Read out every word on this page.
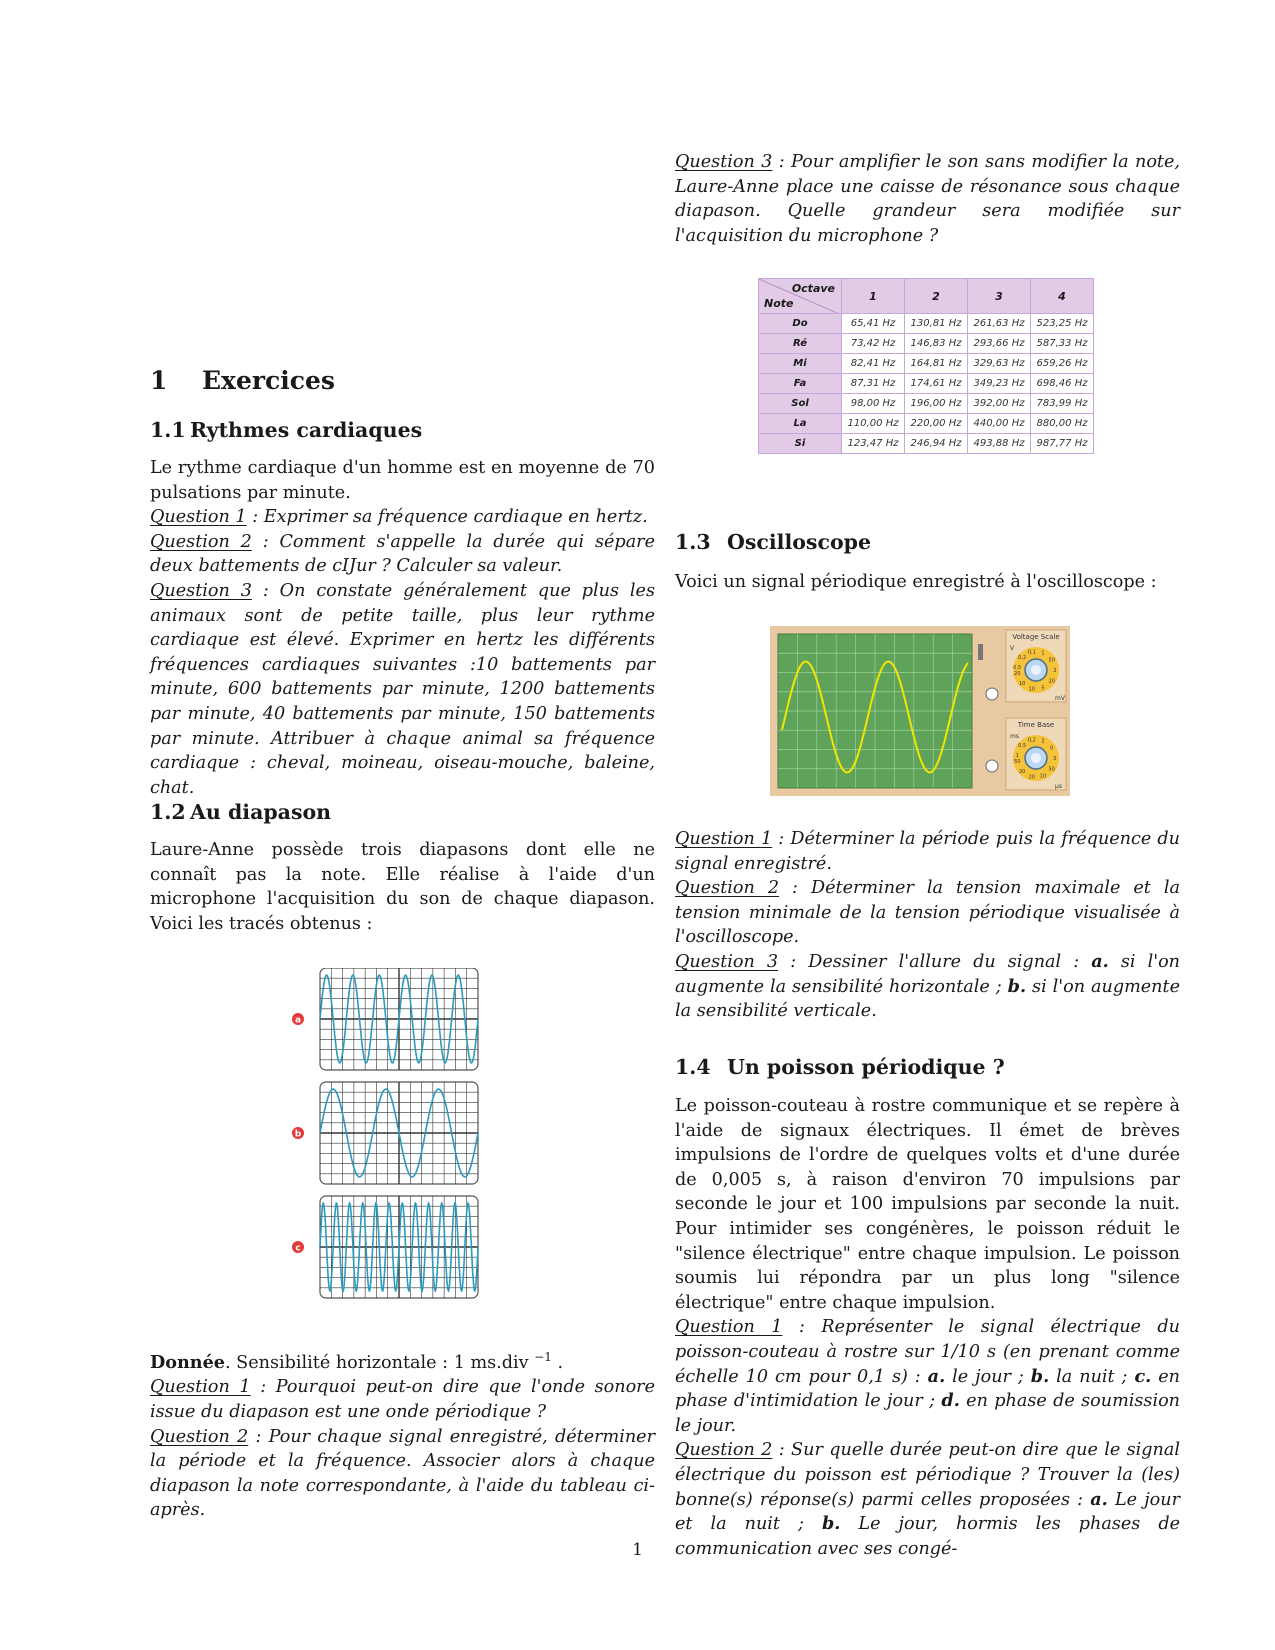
1 Exercices
1.1 Rythmes cardiaques

Le rythme cardiaque d'un homme est en moyenne de 70 pulsations par minute.

Question 1 : Exprimer sa fréquence cardiaque en hertz.

Question 2 : Comment s'appelle la durée qui sépare deux battements de cIJur ? Calculer sa valeur.

Question 3 : On constate généralement que plus les animaux sont de petite taille, plus leur rythme cardiaque est élevé. Exprimer en hertz les différents fréquences cardiaques suivantes :10 battements par minute, 600 battements par minute, 1200 battements par minute, 40 battements par minute, 150 battements par minute. Attribuer à chaque animal sa fréquence cardiaque : cheval, moineau, oiseau-mouche, baleine, chat.

1.2 Au diapason

Laure-Anne possède trois diapasons dont elle ne connaît pas la note. Elle réalise à l'aide d'un microphone l'acquisition du son de chaque diapason. Voici les tracés obtenus :

a
b
c

Donnée. Sensibilité horizontale : 1 ms.div $^{-1}$ .

Question 1 : Pourquoi peut-on dire que l'onde sonore issue du diapason est une onde périodique ?

Question 2 : Pour chaque signal enregistré, déterminer la période et la fréquence. Associer alors à chaque diapason la note correspondante, à l'aide du tableau ci-après.

Question 3 : Pour amplifier le son sans modifier la note, Laure-Anne place une caisse de résonance sous chaque diapason. Quelle grandeur sera modifiée sur l'acquisition du microphone ?

1.3 Oscilloscope

Voici un signal périodique enregistré à l'oscilloscope :

Question 1 : Déterminer la période puis la fréquence du signal enregistré.

Question 2 : Déterminer la tension maximale et la tension minimale de la tension périodique visualisée à l'oscilloscope.

Question 3 : Dessiner l'allure du signal : a. si l'on augmente la sensibilité horizontale ; b. si l'on augmente la sensibilité verticale.

1.4 Un poisson périodique ?

Le poisson-couteau à rostre communique et se repère à l'aide de signaux électriques. Il émet de brèves impulsions de l'ordre de quelques volts et d'une durée de 0,005 s, à raison d'environ 70 impulsions par seconde le jour et 100 impulsions par seconde la nuit. Pour intimider ses congénères, le poisson réduit le "silence électrique" entre chaque impulsion. Le poisson soumis lui répondra par un plus long "silence électrique" entre chaque impulsion.

Question 1 : Représenter le signal électrique du poisson-couteau à rostre sur 1/10 s (en prenant comme échelle 10 cm pour 0,1 s) : a. le jour ; b. la nuit ; c. en phase d'intimidation le jour ; d. en phase de soumission le jour.

Question 2 : Sur quelle durée peut-on dire que le signal électrique du poisson est périodique ? Trouver la (les) bonne(s) réponse(s) parmi celles proposées : a. Le jour et la nuit ; b. Le jour, hormis les phases de communication avec ses congé-

Octave
Note	1	2	3	4
Do	65,41 Hz	130,81 Hz	261,63 Hz	523,25 Hz
Ré	73,42 Hz	146,83 Hz	293,66 Hz	587,33 Hz
Mi	82,41 Hz	164,81 Hz	329,63 Hz	659,26 Hz
Fa	87,31 Hz	174,61 Hz	349,23 Hz	698,46 Hz
Sol	98,00 Hz	196,00 Hz	392,00 Hz	783,99 Hz
La	110,00 Hz	220,00 Hz	440,00 Hz	880,00 Hz
Si	123,47 Hz	246,94 Hz	493,88 Hz	987,77 Hz
Voltage Scale
V
mV
0,5
0,2
0,1 1
50
2
20
5
10
10
20
Time Base
ms
µs
1
0,5
0,2 2
0
5
50
10
20
20
50
1
